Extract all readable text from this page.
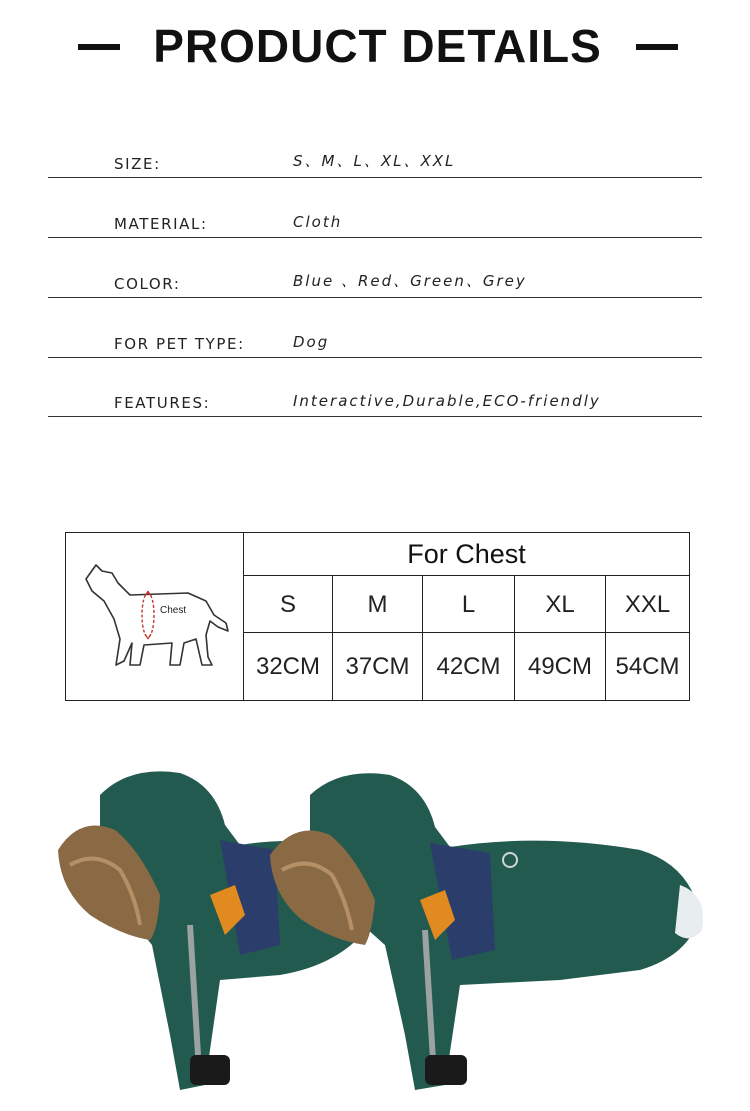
PRODUCT DETAILS
SIZE:	S、M、L、XL、XXL
MATERIAL:	Cloth
COLOR:	Blue 、Red、Green、Grey
FOR PET TYPE:	Dog
FEATURES:	Interactive,Durable,ECO-friendly
Chest
For Chest
S	M	L	XL	XXL
32CM	37CM	42CM	49CM 54CM
